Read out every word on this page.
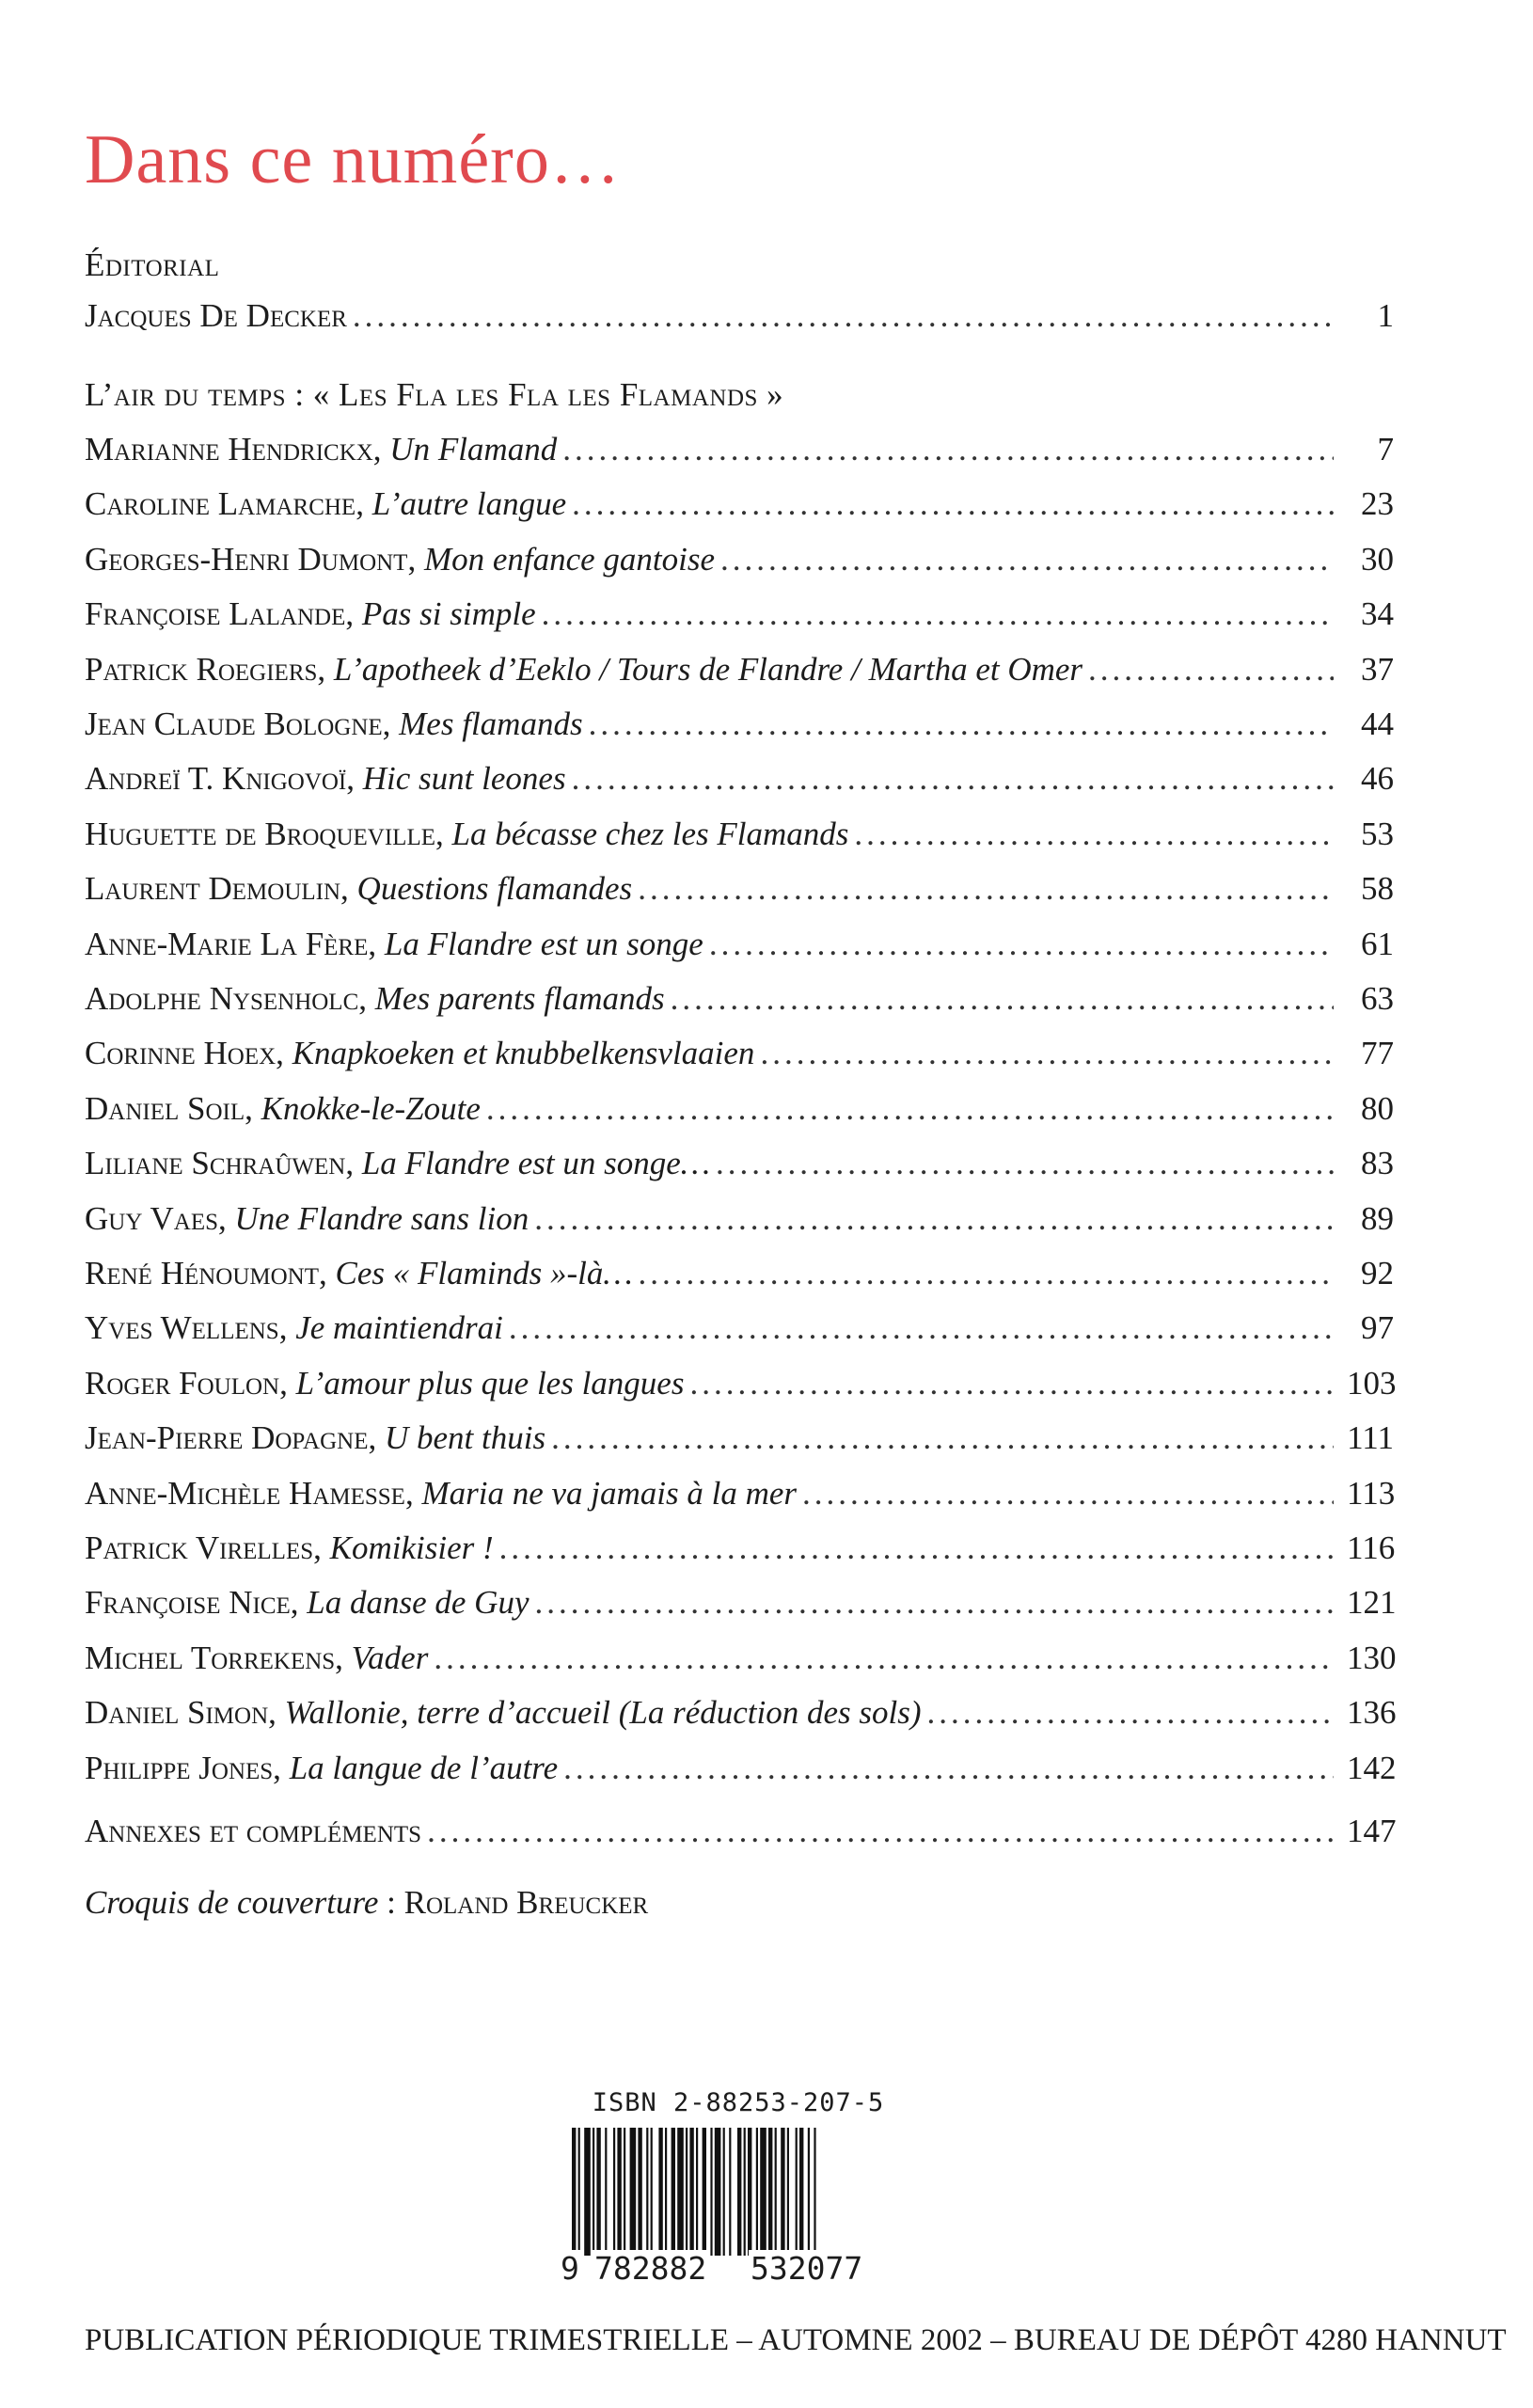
Dans ce numéro…
Éditorial
Jacques De Decker .....	1
L’air du temps : « Les Fla les Fla les Flamands »
Marianne Hendrickx,
Un Flamand .....	7
Caroline Lamarche,
L’autre langue .....	23
Georges-Henri Dumont,
Mon enfance gantoise .....	30
Françoise Lalande,
Pas si simple .....	34
Patrick Roegiers,
L’apotheek d’Eeklo / Tours de Flandre / Martha et Omer .....	37
Jean Claude Bologne,
Mes flamands .....	44
Andreï T. Knigovoï,
Hic sunt leones .....	46
Huguette de Broqueville,
La bécasse chez les Flamands .....	53
Laurent Demoulin,
Questions flamandes .....	58
Anne-Marie La Fère,
La Flandre est un songe .....	61
Adolphe Nysenholc,
Mes parents flamands .....	63
Corinne Hoex,
Knapkoeken et knubbelkensvlaaien .....	77
Daniel Soil,
Knokke-le-Zoute .....	80
Liliane Schraûwen,
La Flandre est un songe… .....	83
Guy Vaes,
Une Flandre sans lion .....	89
René Hénoumont,
Ces « Flaminds »-là… .....	92
Yves Wellens,
Je maintiendrai .....	97
Roger Foulon,
L’amour plus que les langues .....	103
Jean-Pierre Dopagne,
U bent thuis .....	111
Anne-Michèle Hamesse,
Maria ne va jamais à la mer .....	113
Patrick Virelles,
Komikisier ! .....	116
Françoise Nice,
La danse de Guy .....	121
Michel Torrekens,
Vader .....	130
Daniel Simon,
Wallonie, terre d’accueil (La réduction des sols) .....	136
Philippe Jones,
La langue de l’autre .....	142
Annexes et compléments .....	147
Croquis de couverture : Roland Breucker
ISBN 2-88253-207-5
9 782882 532077
PUBLICATION PÉRIODIQUE TRIMESTRIELLE – AUTOMNE 2002 – BUREAU DE DÉPÔT 4280 HANNUT
